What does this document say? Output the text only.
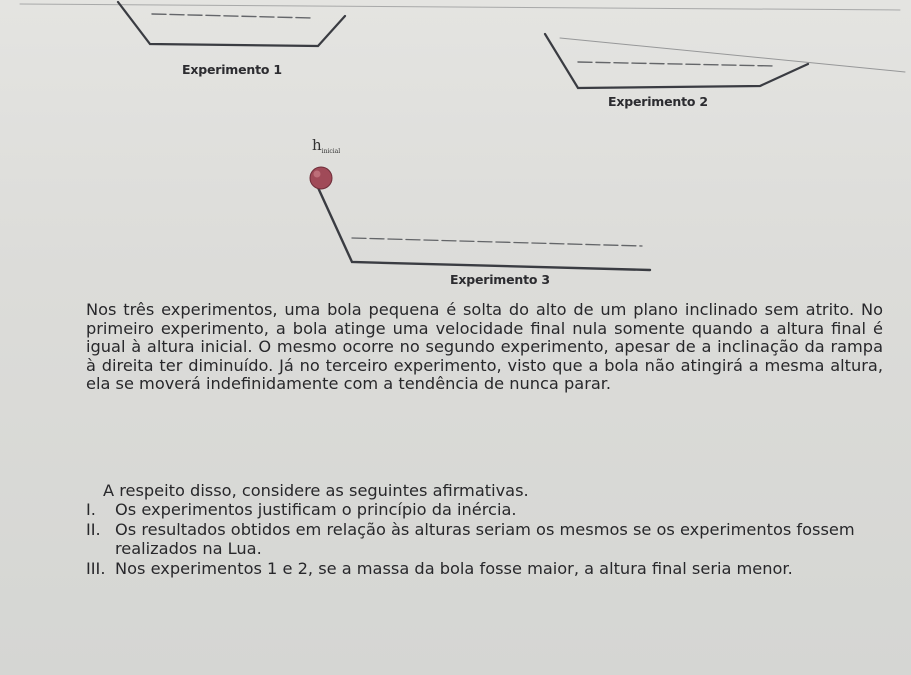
Experimento 1
Experimento 2
Experimento 3
$h_{inicial}$

Nos três experimentos, uma bola pequena é solta do alto de um plano inclinado sem atrito. No primeiro experimento, a bola atinge uma velocidade final nula somente quando a altura final é igual à altura inicial. O mesmo ocorre no segundo experimento, apesar de a inclinação da rampa à direita ter diminuído. Já no terceiro experimento, visto que a bola não atingirá a mesma altura, ela se moverá indefinidamente com a tendência de nunca parar.

A respeito disso, considere as seguintes afirmativas.
I. Os experimentos justificam o princípio da inércia.
II. Os resultados obtidos em relação às alturas seriam os mesmos se os experimentos fossem realizados na Lua.
III. Nos experimentos 1 e 2, se a massa da bola fosse maior, a altura final seria menor.
